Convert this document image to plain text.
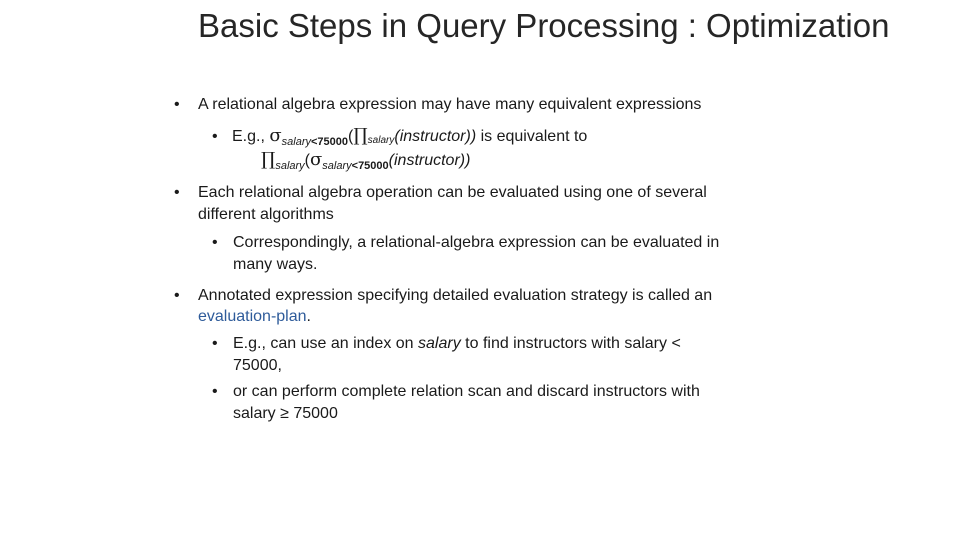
Basic Steps in Query Processing : Optimization
• A relational algebra expression may have many equivalent expressions
• E.g., $\sigma_{salary<75000}(\prod salary(instructor))$ is equivalent to
$\prod_{salary}(\sigma_{salary<75000}(instructor))$
• Each relational algebra operation can be evaluated using one of several
different algorithms
• Correspondingly, a relational-algebra expression can be evaluated in
many ways.
• Annotated expression specifying detailed evaluation strategy is called an
evaluation-plan.
• E.g., can use an index on salary to find instructors with salary <
75000,
• or can perform complete relation scan and discard instructors with
salary ≥ 75000
